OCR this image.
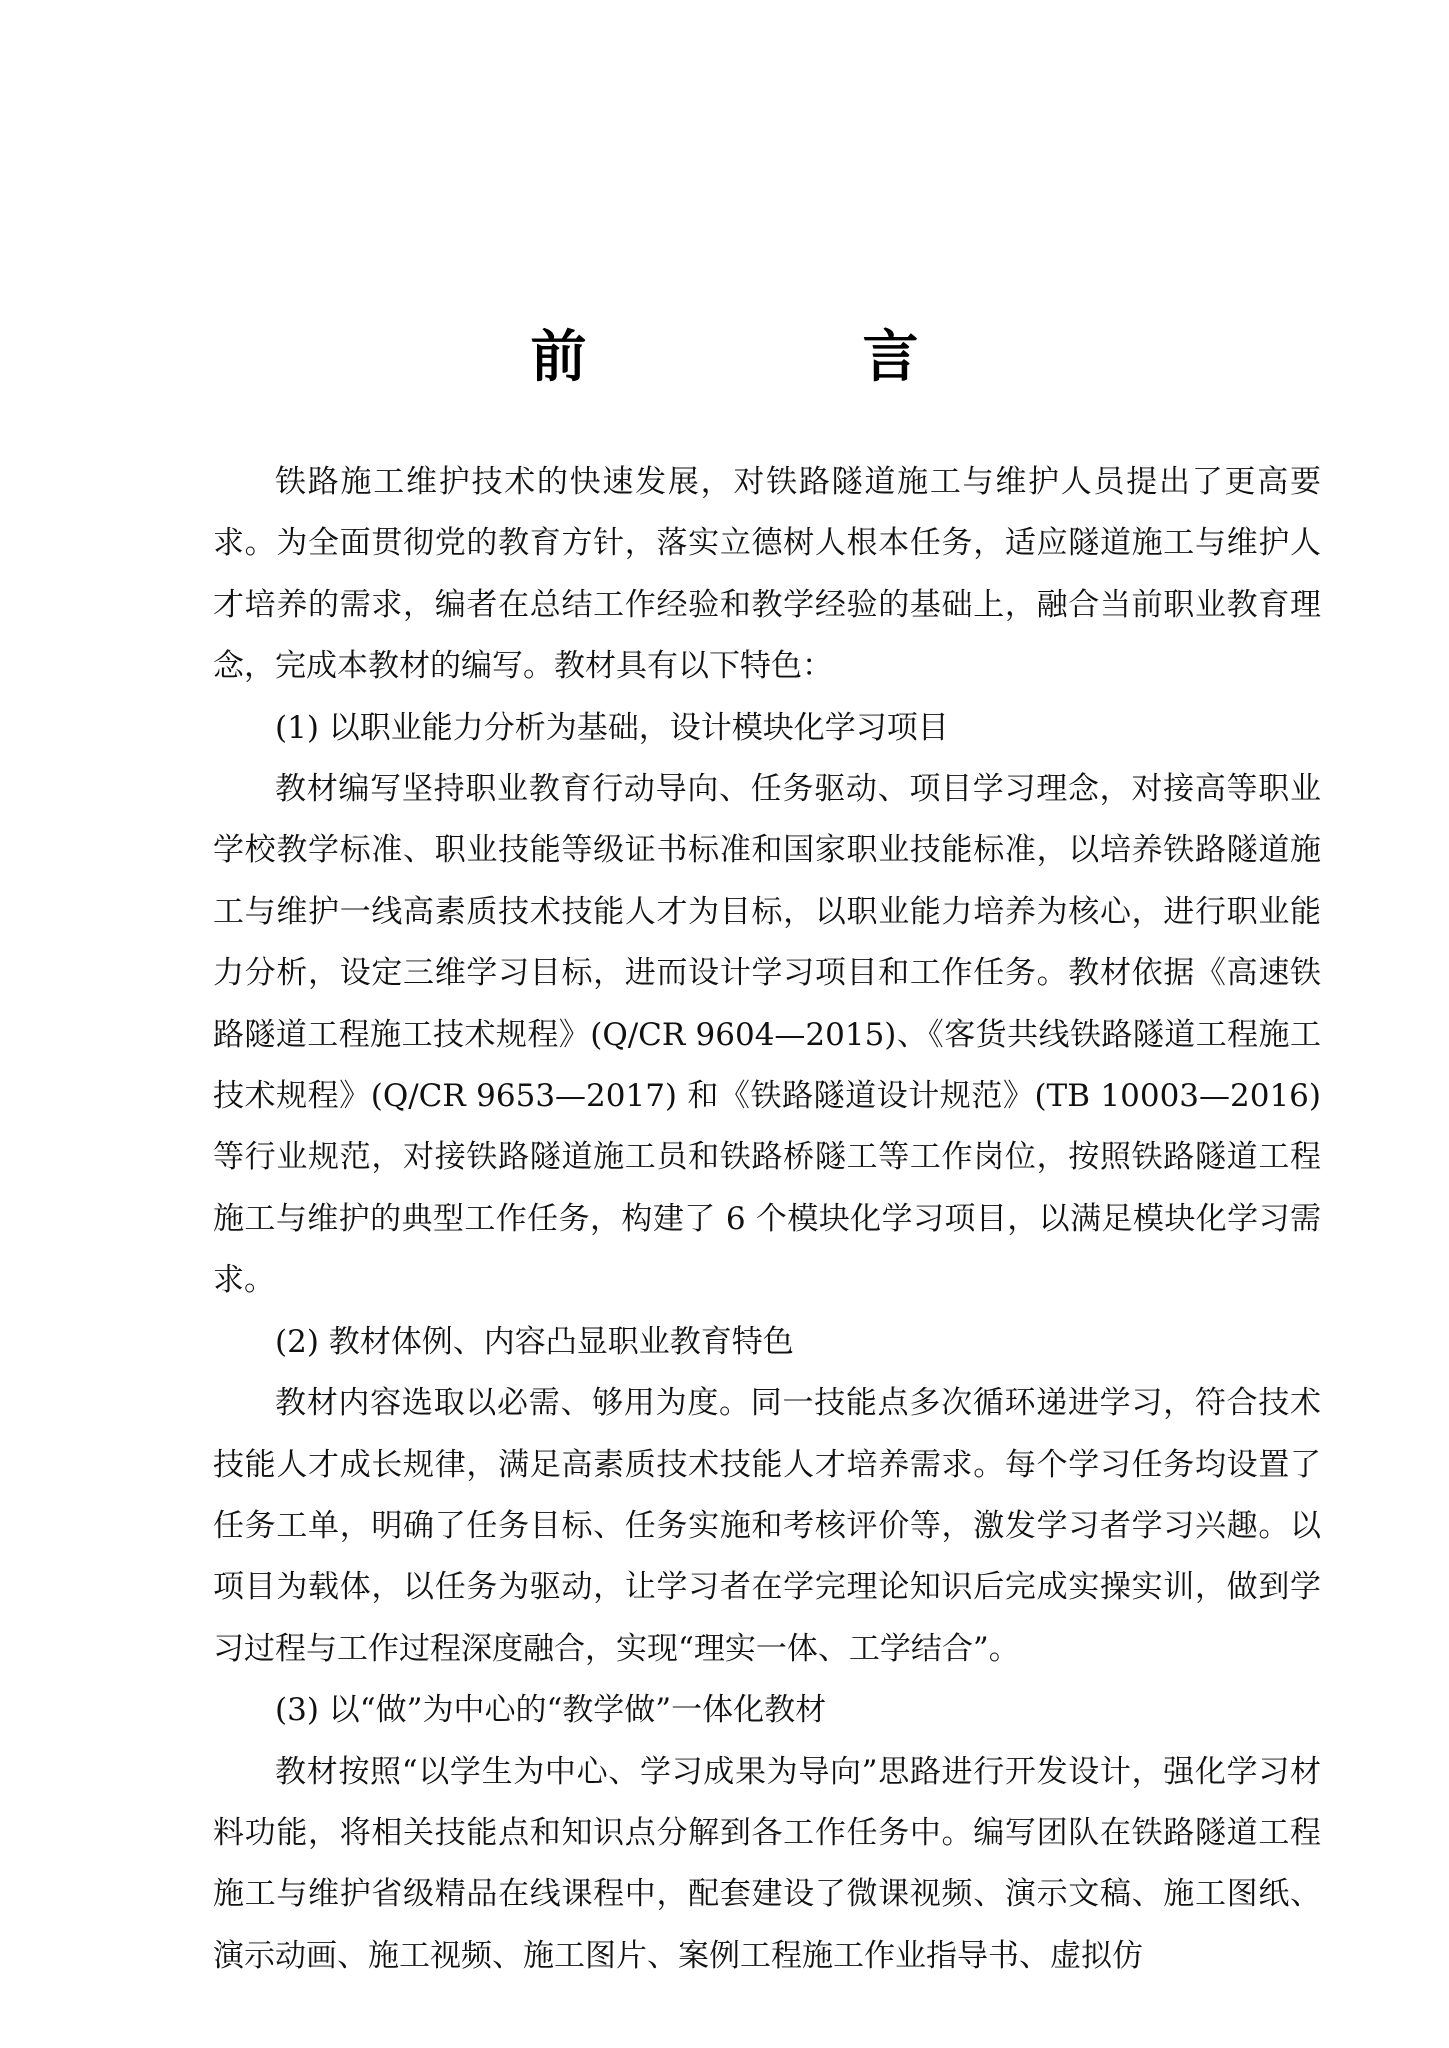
前　言

铁路施工维护技术的快速发展，对铁路隧道施工与维护人员提出了更高要求。为全面贯彻党的教育方针，落实立德树人根本任务，适应隧道施工与维护人才培养的需求，编者在总结工作经验和教学经验的基础上，融合当前职业教育理念，完成本教材的编写。教材具有以下特色：

(1) 以职业能力分析为基础，设计模块化学习项目

教材编写坚持职业教育行动导向、任务驱动、项目学习理念，对接高等职业学校教学标准、职业技能等级证书标准和国家职业技能标准，以培养铁路隧道施工与维护一线高素质技术技能人才为目标，以职业能力培养为核心，进行职业能力分析，设定三维学习目标，进而设计学习项目和工作任务。教材依据《高速铁路隧道工程施工技术规程》(Q/CR 9604—2015)、《客货共线铁路隧道工程施工技术规程》(Q/CR 9653—2017) 和《铁路隧道设计规范》(TB 10003—2016) 等行业规范，对接铁路隧道施工员和铁路桥隧工等工作岗位，按照铁路隧道工程施工与维护的典型工作任务，构建了 6 个模块化学习项目，以满足模块化学习需求。

(2) 教材体例、内容凸显职业教育特色

教材内容选取以必需、够用为度。同一技能点多次循环递进学习，符合技术技能人才成长规律，满足高素质技术技能人才培养需求。每个学习任务均设置了任务工单，明确了任务目标、任务实施和考核评价等，激发学习者学习兴趣。以项目为载体，以任务为驱动，让学习者在学完理论知识后完成实操实训，做到学习过程与工作过程深度融合，实现“理实一体、工学结合”。

(3) 以“做”为中心的“教学做”一体化教材

教材按照“以学生为中心、学习成果为导向”思路进行开发设计，强化学习材料功能，将相关技能点和知识点分解到各工作任务中。编写团队在铁路隧道工程施工与维护省级精品在线课程中，配套建设了微课视频、演示文稿、施工图纸、演示动画、施工视频、施工图片、案例工程施工作业指导书、虚拟仿
